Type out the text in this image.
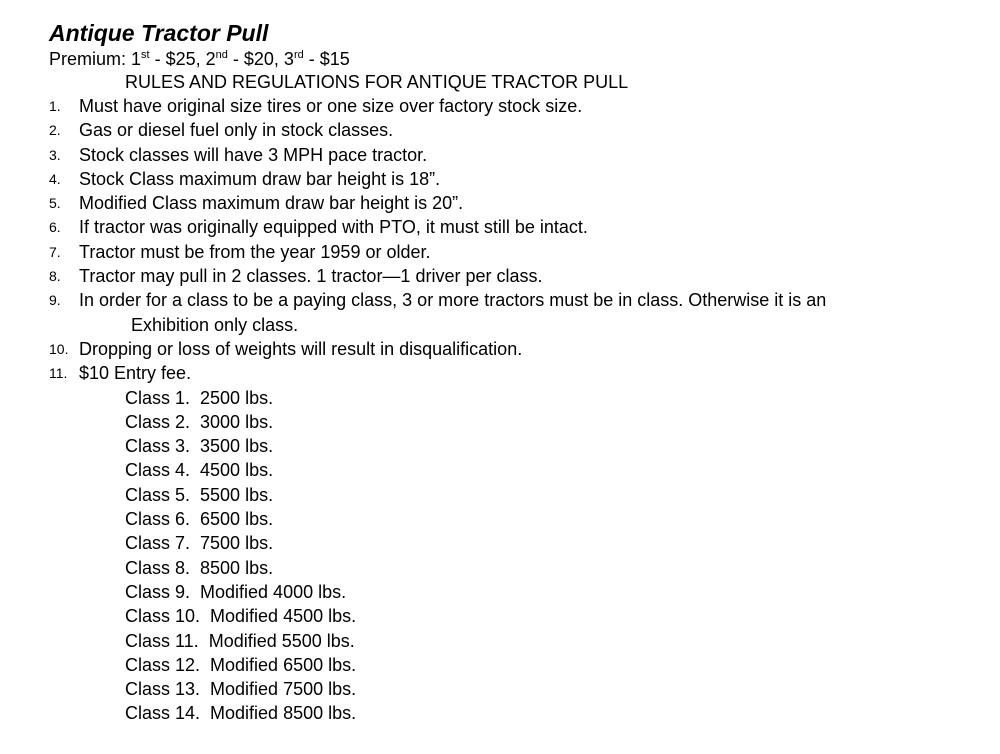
Antique Tractor Pull
Premium: 1st - $25, 2nd - $20, 3rd - $15
RULES AND REGULATIONS FOR ANTIQUE TRACTOR PULL
1.	Must have original size tires or one size over factory stock size.
2.	Gas or diesel fuel only in stock classes.
3.	Stock classes will have 3 MPH pace tractor.
4.	Stock Class maximum draw bar height is 18”.
5.	Modified Class maximum draw bar height is 20”.
6.	If tractor was originally equipped with PTO, it must still be intact.
7.	Tractor must be from the year 1959 or older.
8.	Tractor may pull in 2 classes. 1 tractor—1 driver per class.
9.	In order for a class to be a paying class, 3 or more tractors must be in class. Otherwise it is an
Exhibition only class.
10. Dropping or loss of weights will result in disqualification.
11. $10 Entry fee.
Class 1.  2500 lbs.
Class 2.  3000 lbs.
Class 3.  3500 lbs.
Class 4.  4500 lbs.
Class 5.  5500 lbs.
Class 6.  6500 lbs.
Class 7.  7500 lbs.
Class 8.  8500 lbs.
Class 9.  Modified 4000 lbs.
Class 10.  Modified 4500 lbs.
Class 11.  Modified 5500 lbs.
Class 12.  Modified 6500 lbs.
Class 13.  Modified 7500 lbs.
Class 14.  Modified 8500 lbs.
